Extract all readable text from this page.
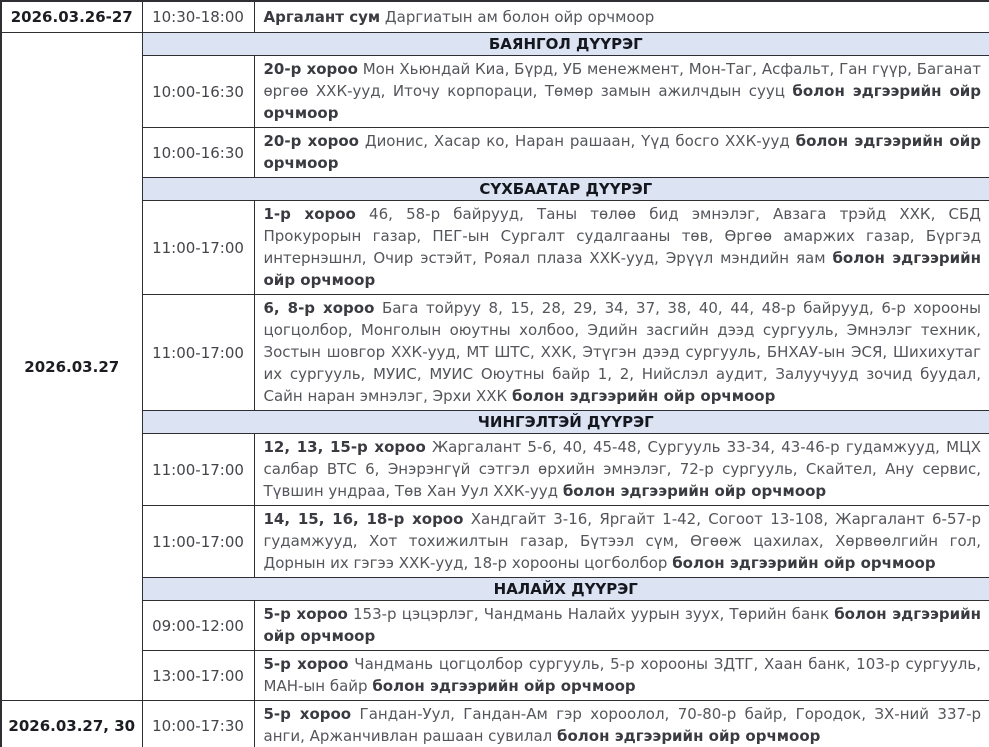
2026.03.26-27	10:30-18:00	Аргалант сум Даргиатын ам болон ойр орчмоор
2026.03.27	БАЯНГОЛ ДҮҮРЭГ	
	10:00-16:30	20-р хороо Мон Хьюндай Киа, Бүрд, УБ менежмент, Мон-Таг, Асфальт, Ган гүүр, Баганат өргөө ХХК-ууд, Иточу корпораци, Төмөр замын ажилчдын сууц болон эдгээрийн ойр орчмоор
	10:00-16:30	20-р хороо Дионис, Хасар ко, Наран рашаан, Үүд босго ХХК-ууд болон эдгээрийн ойр орчмоор
	СҮХБААТАР ДҮҮРЭГ	
	11:00-17:00	1-р хороо 46, 58-р байрууд, Таны төлөө бид эмнэлэг, Авзага трэйд ХХК, СБД Прокурорын газар, ПЕГ-ын Сургалт судалгааны төв, Өргөө амаржих газар, Бүргэд интернэшнл, Очир эстэйт, Рояал плаза ХХК-ууд, Эрүүл мэндийн яам болон эдгээрийн ойр орчмоор
	11:00-17:00	6, 8-р хороо Бага тойруу 8, 15, 28, 29, 34, 37, 38, 40, 44, 48-р байрууд, 6-р хорооны цогцолбор, Монголын оюутны холбоо, Эдийн засгийн дээд сургууль, Эмнэлэг техник, Зостын шовгор ХХК-ууд, МТ ШТС, ХХК, Этүгэн дээд сургууль, БНХАУ-ын ЭСЯ, Шихихутаг их сургууль, МУИС, МУИС Оюутны байр 1, 2, Нийслэл аудит, Залуучууд зочид буудал, Сайн наран эмнэлэг, Эрхи ХХК болон эдгээрийн ойр орчмоор
	ЧИНГЭЛТЭЙ ДҮҮРЭГ	
	11:00-17:00	12, 13, 15-р хороо Жаргалант 5-6, 40, 45-48, Сургууль 33-34, 43-46-р гудамжууд, МЦХ салбар ВТС 6, Энэрэнгүй сэтгэл өрхийн эмнэлэг, 72-р сургууль, Скайтел, Ану сервис, Түвшин ундраа, Төв Хан Уул ХХК-ууд болон эдгээрийн ойр орчмоор
	11:00-17:00	14, 15, 16, 18-р хороо Хандгайт 3-16, Яргайт 1-42, Согоот 13-108, Жаргалант 6-57-р гудамжууд, Хот тохижилтын газар, Бүтээл сүм, Өгөөж цахилах, Хөрвөөлгийн гол, Дорнын их гэгээ ХХК-ууд, 18-р хорооны цогболбор болон эдгээрийн ойр орчмоор
	НАЛАЙХ ДҮҮРЭГ	
	09:00-12:00	5-р хороо 153-р цэцэрлэг, Чандмань Налайх уурын зуух, Төрийн банк болон эдгээрийн ойр орчмоор
	13:00-17:00	5-р хороо Чандмань цогцолбор сургууль, 5-р хорооны ЗДТГ, Хаан банк, 103-р сургууль, МАН-ын байр болон эдгээрийн ойр орчмоор
2026.03.27, 30	10:00-17:30	5-р хороо Гандан-Уул, Гандан-Ам гэр хороолол, 70-80-р байр, Городок, ЗХ-ний 337-р анги, Аржанчивлан рашаан сувилал болон эдгээрийн ойр орчмоор
